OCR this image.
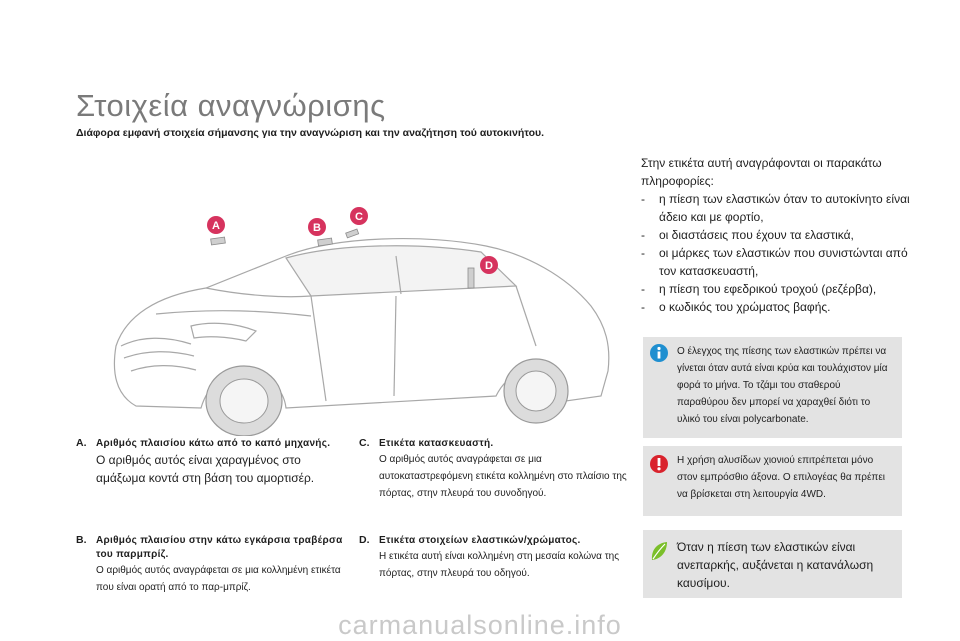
Στοιχεία αναγνώρισης
Διάφορα εμφανή στοιχεία σήμανσης για την αναγνώριση και την αναζήτηση τού αυτοκινήτου.
A	B
C
D
Στην ετικέτα αυτή αναγράφονται οι παρακάτω πληροφορίες:
- η πίεση των ελαστικών όταν το αυτοκίνητο είναι άδειο και με φορτίο,
- οι διαστάσεις που έχουν τα ελαστικά,
- οι μάρκες των ελαστικών που συνιστώνται από τον κατασκευαστή,
- η πίεση του εφεδρικού τροχού (ρεζέρβα),
- ο κωδικός του χρώματος βαφής.
Ο έλεγχος της πίεσης των ελαστικών πρέπει να γίνεται όταν αυτά είναι κρύα και τουλάχιστον μία φορά το μήνα. Το τζάμι του σταθερού παραθύρου δεν μπορεί να χαραχθεί διότι το υλικό του είναι polycarbonate.
Η χρήση αλυσίδων χιονιού επιτρέπεται μόνο στον εμπρόσθιο άξονα. Ο επιλογέας θα πρέπει να βρίσκεται στη λειτουργία 4WD.
Όταν η πίεση των ελαστικών είναι ανεπαρκής, αυξάνεται η κατανάλωση καυσίμου.
A. Αριθμός πλαισίου κάτω από το καπό μηχανής.
Ο αριθμός αυτός είναι χαραγμένος στο αμάξωμα κοντά στη βάση του αμορτισέρ.
B. Αριθμός πλαισίου στην κάτω εγκάρσια τραβέρσα του παρμπρίζ.
Ο αριθμός αυτός αναγράφεται σε μια κολλημένη ετικέτα που είναι ορατή από το παρ-μπρίζ.
C. Ετικέτα κατασκευαστή.
Ο αριθμός αυτός αναγράφεται σε μια αυτοκαταστρεφόμενη ετικέτα κολλημένη στο πλαίσιο της πόρτας, στην πλευρά του συνοδηγού.
D. Ετικέτα στοιχείων ελαστικών/χρώματος.
Η ετικέτα αυτή είναι κολλημένη στη μεσαία κολώνα της πόρτας, στην πλευρά του οδηγού.
carmanualsonline.info
